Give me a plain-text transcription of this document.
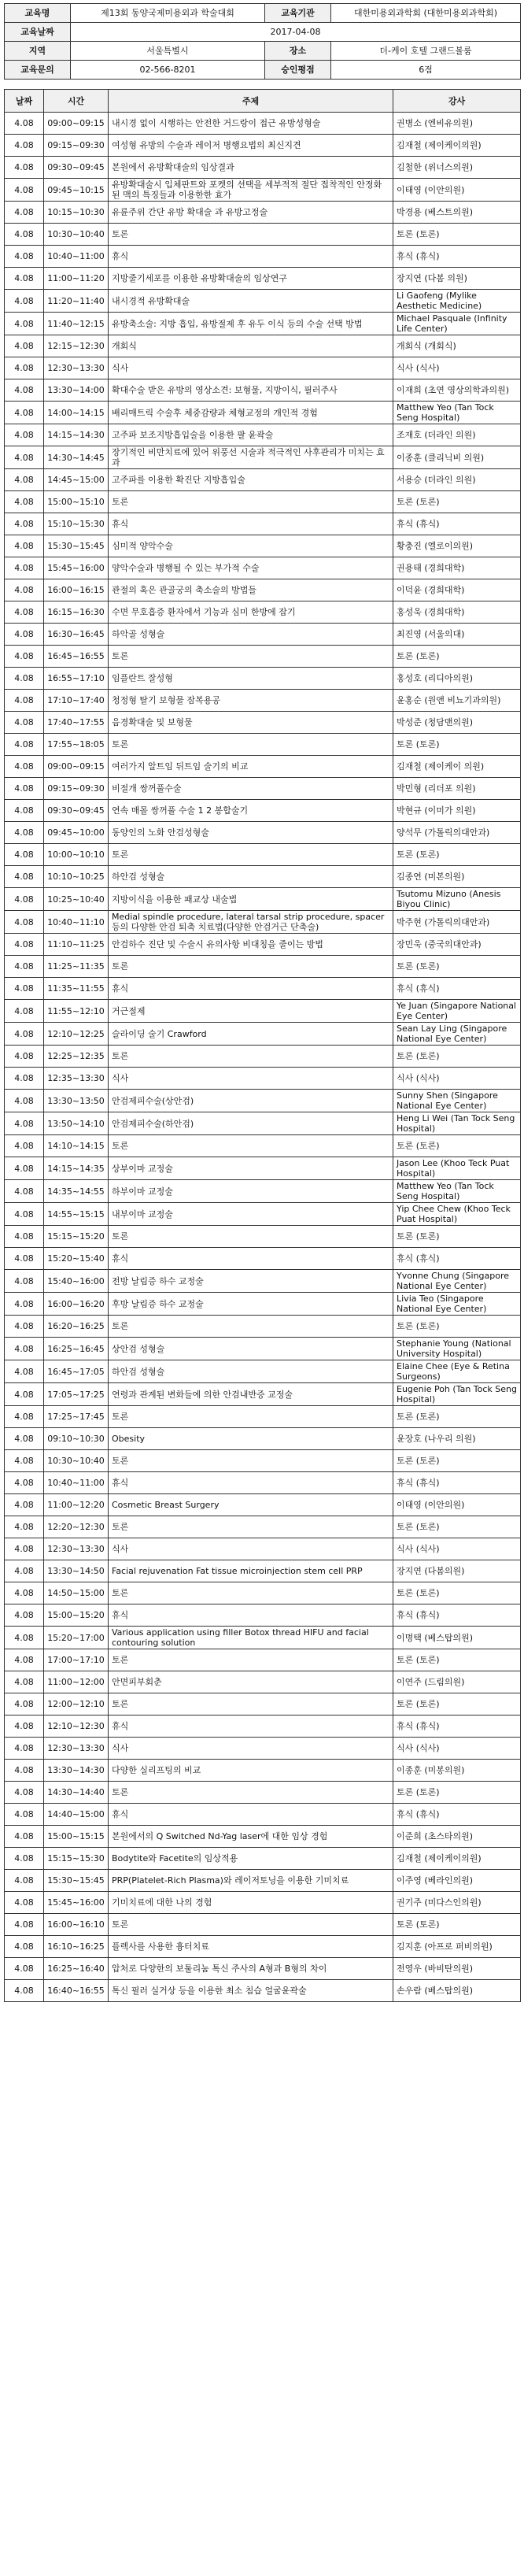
교육명	제13회 동양국제미용외과 학술대회	교육기관	대한미용외과학회 (대한미용외과학회)
교육날짜	2017-04-08		
지역	서울특별시	장소	더-케이 호텔 그랜드볼룸
교육문의	02-566-8201	승인평점	6점
날짜	시간	주제	강사
4.08	09:00~09:15	내시경 없이 시행하는 안전한 거드랑이 접근 유방성형술	권병소 (엔비유의원)
4.08	09:15~09:30	여성형 유방의 수술과 레이저 병행요법의 최신지견	김재철 (제이케이의원)
4.08	09:30~09:45	본원에서 유방확대술의 임상결과	김철한 (위너스의원)
4.08	09:45~10:15	유방확대술시 입체판트와 포켓의 선택을 세부적적 절단 접착적인 안정화된 맥의 특징들과 이용한한 효가	이태영 (이안의원)
4.08	10:15~10:30	유륜주위 간단 유방 확대술 과 유방고정술	박경용 (베스트의원)
4.08	10:30~10:40	토론	토론 (토론)
4.08	10:40~11:00	휴식	휴식 (휴식)
4.08	11:00~11:20	지방줄기세포를 이용한 유방확대술의 임상연구	장지연 (다봄 의원)
4.08	11:20~11:40	내시경적 유방확대술	Li Gaofeng (Mylike Aesthetic Medicine)
4.08	11:40~12:15	유방축소술: 지방 흡입, 유방절제 후 유두 이식 등의 수술 선택 방법	Michael Pasquale (Infinity Life Center)
4.08	12:15~12:30	개회식	개회식 (개회식)
4.08	12:30~13:30	식사	식사 (식사)
4.08	13:30~14:00	확대수술 받은 유방의 영상소견: 보형물, 지방이식, 필러주사	이재희 (초연 영상의학과의원)
4.08	14:00~14:15	배리매트릭 수술후 체중감량과 체형교정의 개인적 경험	Matthew Yeo (Tan Tock Seng Hospital)
4.08	14:15~14:30	고주파 보조지방흡입술을 이용한 팔 윤곽술	조재호 (더라인 의원)
4.08	14:30~14:45	장기적인 비만치료에 있어 위풍선 시술과 적극적인 사후관리가 미치는 효과	이종훈 (클리닉비 의원)
4.08	14:45~15:00	고주파를 이용한 확진단 지방흡입술	서용승 (더라인 의원)
4.08	15:00~15:10	토론	토론 (토론)
4.08	15:10~15:30	휴식	휴식 (휴식)
4.08	15:30~15:45	심미적 양악수술	황충진 (엘로이의원)
4.08	15:45~16:00	양악수술과 병행될 수 있는 부가적 수술	권용태 (경희대학)
4.08	16:00~16:15	관절의 혹은 관골궁의 축소술의 방법들	이덕윤 (경희대학)
4.08	16:15~16:30	수면 무호흡증 환자에서 기능과 심미 한방에 잡기	홍성욱 (경희대학)
4.08	16:30~16:45	하악골 성형술	최진영 (서울의대)
4.08	16:45~16:55	토론	토론 (토론)
4.08	16:55~17:10	임플란트 잘성형	홍성호 (리디아의원)
4.08	17:10~17:40	청정형 탈기 보형물 잠복용공	윤홍순 (원앤 비뇨기과의원)
4.08	17:40~17:55	음경확대술 및 보형물	박성준 (청담맨의원)
4.08	17:55~18:05	토론	토론 (토론)
4.08	09:00~09:15	여러가지 알트임 뒤트임 술기의 비교	김재철 (제이케이 의원)
4.08	09:15~09:30	비절개 쌍꺼풀수술	박민형 (리더포 의원)
4.08	09:30~09:45	연속 매몰 쌍꺼풀 수술 1 2 봉합술기	박현규 (이미가 의원)
4.08	09:45~10:00	동양인의 노화 안검성형술	양석무 (가톨릭의대안과)
4.08	10:00~10:10	토론	토론 (토론)
4.08	10:10~10:25	하안검 성형술	김종연 (미본의원)
4.08	10:25~10:40	지방이식을 이용한 패교상 내술법	Tsutomu Mizuno (Anesis Biyou Clinic)
4.08	10:40~11:10	Medial spindle procedure, lateral tarsal strip procedure, spacer 등의 다양한 안검 퇴축 치료법(다양한 안검거근 단축술)	박주현 (가톨릭의대안과)
4.08	11:10~11:25	안검하수 진단 및 수술시 유의사항 비대칭을 줄이는 방법	장민욱 (중국의대안과)
4.08	11:25~11:35	토론	토론 (토론)
4.08	11:35~11:55	휴식	휴식 (휴식)
4.08	11:55~12:10	거근절제	Ye Juan (Singapore National Eye Center)
4.08	12:10~12:25	슬라이딩 술기 Crawford	Sean Lay Ling (Singapore National Eye Center)
4.08	12:25~12:35	토론	토론 (토론)
4.08	12:35~13:30	식사	식사 (식사)
4.08	13:30~13:50	안검제피수술(상안검)	Sunny Shen (Singapore National Eye Center)
4.08	13:50~14:10	안검제피수술(하안검)	Heng Li Wei (Tan Tock Seng Hospital)
4.08	14:10~14:15	토론	토론 (토론)
4.08	14:15~14:35	상부이마 교정술	Jason Lee (Khoo Teck Puat Hospital)
4.08	14:35~14:55	하부이마 교정술	Matthew Yeo (Tan Tock Seng Hospital)
4.08	14:55~15:15	내부이마 교정술	Yip Chee Chew (Khoo Teck Puat Hospital)
4.08	15:15~15:20	토론	토론 (토론)
4.08	15:20~15:40	휴식	휴식 (휴식)
4.08	15:40~16:00	전방 날림증 하수 교정술	Yvonne Chung (Singapore National Eye Center)
4.08	16:00~16:20	후방 날림증 하수 교정술	Livia Teo (Singapore National Eye Center)
4.08	16:20~16:25	토론	토론 (토론)
4.08	16:25~16:45	상안검 성형술	Stephanie Young (National University Hospital)
4.08	16:45~17:05	하안검 성형술	Elaine Chee (Eye & Retina Surgeons)
4.08	17:05~17:25	연령과 관계된 변화들에 의한 안검내반증 교정술	Eugenie Poh (Tan Tock Seng Hospital)
4.08	17:25~17:45	토론	토론 (토론)
4.08	09:10~10:30	Obesity	윤장호 (나우리 의원)
4.08	10:30~10:40	토론	토론 (토론)
4.08	10:40~11:00	휴식	휴식 (휴식)
4.08	11:00~12:20	Cosmetic Breast Surgery	이태영 (이안의원)
4.08	12:20~12:30	토론	토론 (토론)
4.08	12:30~13:30	식사	식사 (식사)
4.08	13:30~14:50	Facial rejuvenation Fat tissue microinjection stem cell PRP	장지연 (다봄의원)
4.08	14:50~15:00	토론	토론 (토론)
4.08	15:00~15:20	휴식	휴식 (휴식)
4.08	15:20~17:00	Various application using filler Botox thread HIFU and facial contouring solution	이명택 (베스탑의원)
4.08	17:00~17:10	토론	토론 (토론)
4.08	11:00~12:00	안면피부회춘	이연주 (드림의원)
4.08	12:00~12:10	토론	토론 (토론)
4.08	12:10~12:30	휴식	휴식 (휴식)
4.08	12:30~13:30	식사	식사 (식사)
4.08	13:30~14:30	다양한 실리프팅의 비교	이종훈 (미봉의원)
4.08	14:30~14:40	토론	토론 (토론)
4.08	14:40~15:00	휴식	휴식 (휴식)
4.08	15:00~15:15	본원에서의 Q Switched Nd-Yag laser에 대한 임상 경험	이준희 (초스타의원)
4.08	15:15~15:30	Bodytite와 Facetite의 임상적용	김재철 (제이케이의원)
4.08	15:30~15:45	PRP(Platelet-Rich Plasma)와 레이저토닝을 이용한 기미치료	이주영 (베라인의원)
4.08	15:45~16:00	기미치료에 대한 나의 경험	권기주 (미다스인의원)
4.08	16:00~16:10	토론	토론 (토론)
4.08	16:10~16:25	플렉사를 사용한 흉터치료	김지훈 (아프로 퍼비의원)
4.08	16:25~16:40	압처로 다양한의 보툴리눔 톡신 주사의 A형과 B형의 차이	전영우 (바비탄의원)
4.08	16:40~16:55	톡신 필러 실거상 등을 이용한 최소 침습 얼굴윤곽술	손우람 (베스탑의원)
